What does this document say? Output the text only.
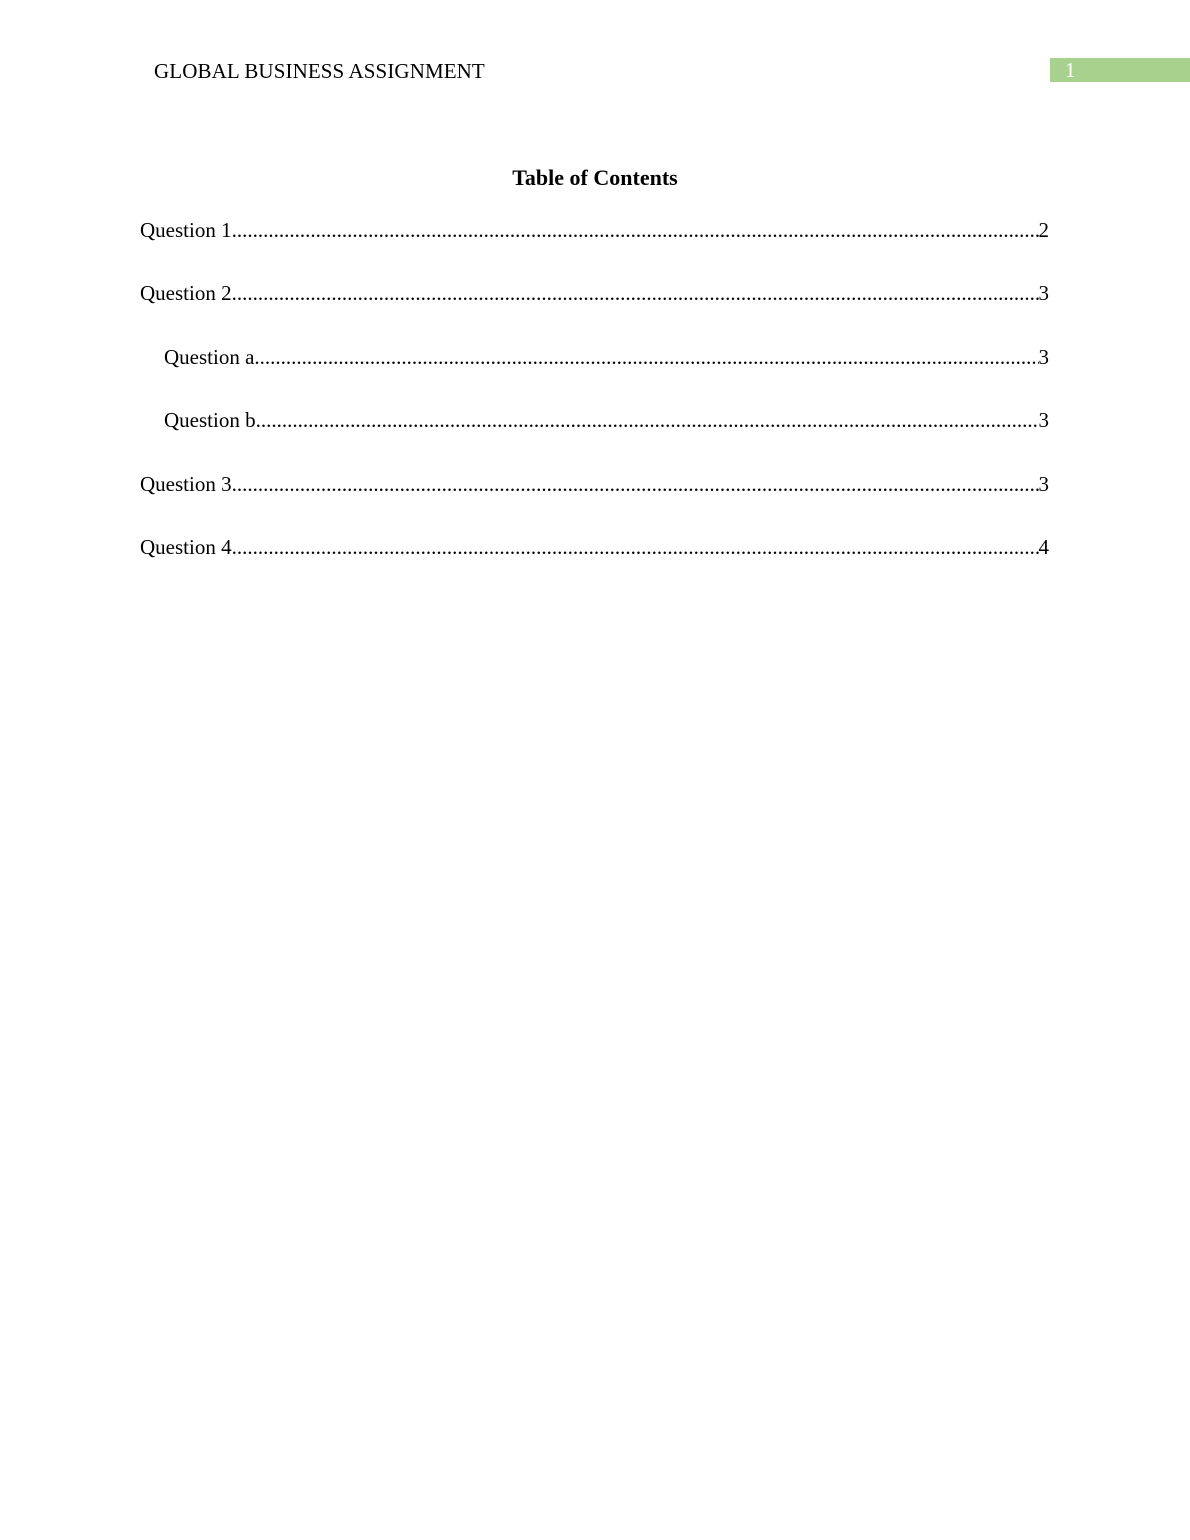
GLOBAL BUSINESS ASSIGNMENT	1
Table of Contents
Question 1 .....	2
Question 2 .....	3
Question a .....	3
Question b .....	3
Question 3 .....	3
Question 4 .....	4
